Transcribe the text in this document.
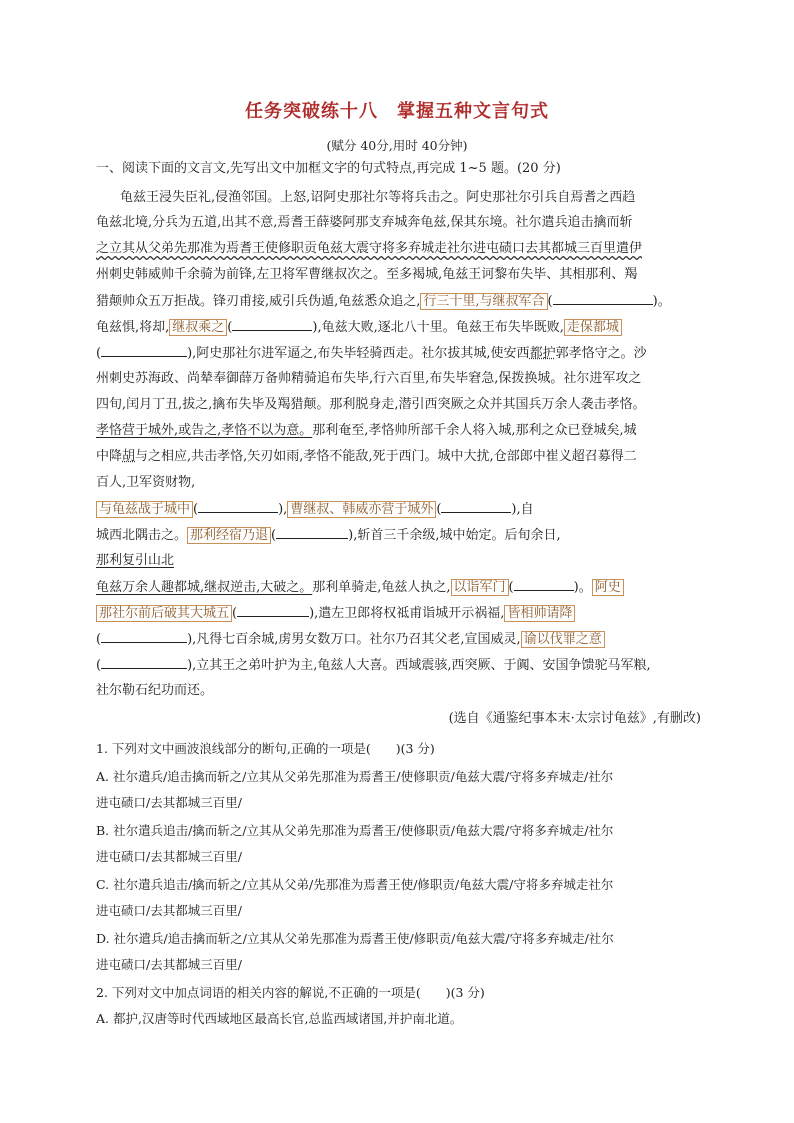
任务突破练十八　掌握五种文言句式
(赋分 40分,用时 40分钟)
一、阅读下面的文言文,先写出文中加框文字的句式特点,再完成 1~5 题。(20 分)
龟兹王浸失臣礼,侵渔邻国。上怒,诏阿史那社尔等将兵击之。阿史那社尔引兵自焉耆之西趋
龟兹北境,分兵为五道,出其不意,焉耆王薛婆阿那支弃城奔龟兹,保其东境。社尔遣兵追击擒而斩
之立其从父弟先那准为焉耆王使修职贡龟兹大震守将多弃城走社尔进屯碛口去其都城三百里遣伊
州刺史韩威帅千余骑为前锋,左卫将军曹继叔次之。至多褐城,龟兹王诃黎布失毕、其相那利、羯
猎颠帅众五万拒战。锋刃甫接,威引兵伪遁,龟兹悉众追之, 行三十里,与继叔军合 (	)。
龟兹惧,将却, 继叔乘之 (	),龟兹大败,逐北八十里。龟兹王布失毕既败, 走保都城
(	),阿史那社尔进军逼之,布失毕轻骑西走。社尔拔其城,使安西都护郭孝恪守之。沙
州刺史苏海政、尚辇奉御薛万备帅精骑追布失毕,行六百里,布失毕窘急,保拨换城。社尔进军攻之
四旬,闰月丁丑,拔之,擒布失毕及羯猎颠。那利脱身走,潜引西突厥之众并其国兵万余人袭击孝恪。
孝恪营于城外,或告之,孝恪不以为意。那利奄至,孝恪帅所部千余人将入城,那利之众已登城矣,城
中降胡与之相应,共击孝恪,矢刃如雨,孝恪不能敌,死于西门。城中大扰,仓部郎中崔义超召募得二
百人,卫军资财物,
与龟兹战于城中 (	), 曹继叔、韩威亦营于城外 (	),自
城西北隅击之。 那利经宿乃退 (	),斩首三千余级,城中始定。后旬余日,
那利复引山北
龟兹万余人趣都城,继叔逆击,大破之。那利单骑走,龟兹人执之, 以诣军门 (	)。 阿史
那社尔前后破其大城五 (	),遣左卫郎将权祗甫诣城开示祸福, 皆相帅请降
(	),凡得七百余城,虏男女数万口。社尔乃召其父老,宣国威灵, 谕以伐罪之意
(	),立其王之弟叶护为主,龟兹人大喜。西域震骇,西突厥、于阗、安国争馈驼马军粮,
社尔勒石纪功而还。
(选自《通鉴纪事本末·太宗讨龟兹》,有删改)
1. 下列对文中画波浪线部分的断句,正确的一项是(　　)(3 分)
A. 社尔遣兵/追击擒而斩之/立其从父弟先那准为焉耆王/使修职贡/龟兹大震/守将多弃城走/社尔
进屯碛口/去其都城三百里/
B. 社尔遣兵追击/擒而斩之/立其从父弟先那准为焉耆王/使修职贡/龟兹大震/守将多弃城走/社尔
进屯碛口/去其都城三百里/
C. 社尔遣兵追击/擒而斩之/立其从父弟/先那准为焉耆王使/修职贡/龟兹大震/守将多弃城走社尔
进屯碛口/去其都城三百里/
D. 社尔遣兵/追击擒而斩之/立其从父弟先那准为焉耆王使/修职贡/龟兹大震/守将多弃城走/社尔
进屯碛口/去其都城三百里/
2. 下列对文中加点词语的相关内容的解说,不正确的一项是(　　)(3 分)
A. 都护,汉唐等时代西域地区最高长官,总监西域诸国,并护南北道。
